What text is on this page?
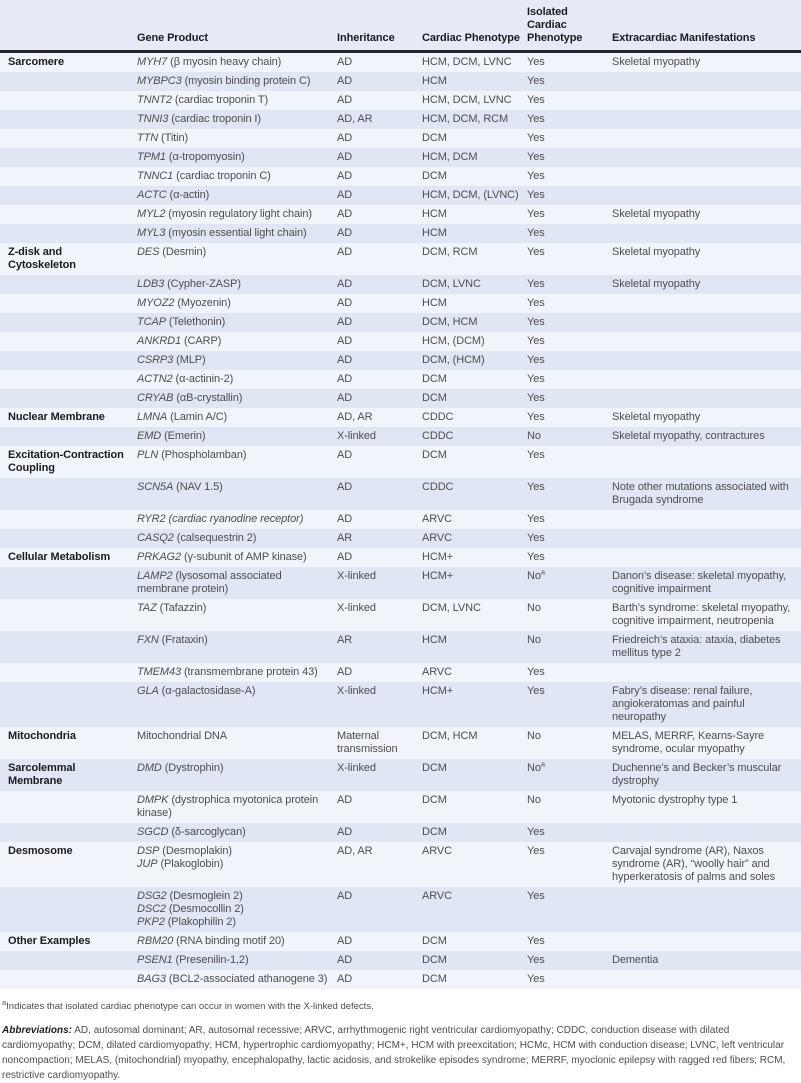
	Gene Product	Inheritance	Cardiac Phenotype	Isolated Cardiac Phenotype	Extracardiac Manifestations
Sarcomere	MYH7 (β myosin heavy chain)	AD	HCM, DCM, LVNC	Yes	Skeletal myopathy

	MYBPC3 (myosin binding protein C)	AD	HCM	Yes	

	TNNT2 (cardiac troponin T)	AD	HCM, DCM, LVNC	Yes	

	TNNI3 (cardiac troponin I)	AD, AR	HCM, DCM, RCM	Yes	

	TTN (Titin)	AD	DCM	Yes	

	TPM1 (α-tropomyosin)	AD	HCM, DCM	Yes	

	TNNC1 (cardiac troponin C)	AD	DCM	Yes	

	ACTC (α-actin)	AD	HCM, DCM, (LVNC)	Yes	

	MYL2 (myosin regulatory light chain)	AD	HCM	Yes	Skeletal myopathy

	MYL3 (myosin essential light chain)	AD	HCM	Yes	
Z-disk and Cytoskeleton	DES (Desmin)	AD	DCM, RCM	Yes	Skeletal myopathy

	LDB3 (Cypher-ZASP)	AD	DCM, LVNC	Yes	Skeletal myopathy

	MYOZ2 (Myozenin)	AD	HCM	Yes	

	TCAP (Telethonin)	AD	DCM, HCM	Yes	

	ANKRD1 (CARP)	AD	HCM, (DCM)	Yes	

	CSRP3 (MLP)	AD	DCM, (HCM)	Yes	

	ACTN2 (α-actinin-2)	AD	DCM	Yes	

	CRYAB (αB-crystallin)	AD	DCM	Yes	
Nuclear Membrane	LMNA (Lamin A/C)	AD, AR	CDDC	Yes	Skeletal myopathy

	EMD (Emerin)	X-linked	CDDC	No	Skeletal myopathy, contractures
Excitation-Contraction Coupling	PLN (Phospholamban)	AD	DCM	Yes	

	SCN5A (NAV 1.5)	AD	CDDC	Yes	Note other mutations associated with Brugada syndrome

	RYR2 (cardiac ryanodine receptor)	AD	ARVC	Yes	

	CASQ2 (calsequestrin 2)	AR	ARVC	Yes	
Cellular Metabolism	PRKAG2 (γ-subunit of AMP kinase)	AD	HCM+	Yes	

	LAMP2 (lysosomal associated membrane protein)	X-linked	HCM+	$No^a$	Danon’s disease: skeletal myopathy, cognitive impairment

	TAZ (Tafazzin)	X-linked	DCM, LVNC	No	Barth’s syndrome: skeletal myopathy, cognitive impairment, neutropenia

	FXN (Frataxin)	AR	HCM	No	Friedreich’s ataxia: ataxia, diabetes mellitus type 2

	TMEM43 (transmembrane protein 43)	AD	ARVC	Yes	

	GLA (α-galactosidase-A)	X-linked	HCM+	Yes	Fabry’s disease: renal failure, angiokeratomas and painful neuropathy
Mitochondria	Mitochondrial DNA	Maternal transmission	DCM, HCM	No	MELAS, MERRF, Kearns-Sayre syndrome, ocular myopathy
Sarcolemmal Membrane	DMD (Dystrophin)	X-linked	DCM	No$^a$	Duchenne’s and Becker’s muscular dystrophy

	DMPK (dystrophica myotonica protein kinase)	AD	DCM	No	Myotonic dystrophy type 1

	SGCD (δ-sarcoglycan)	AD	DCM	Yes	
Desmosome	DSP (Desmoplakin)
JUP (Plakoglobin)	AD, AR	ARVC	Yes	Carvajal syndrome (AR), Naxos syndrome (AR), “woolly hair” and hyperkeratosis of palms and soles

	DSG2 (Desmoglein 2)
DSC2 (Desmocollin 2)
PKP2 (Plakophilin 2)	AD	ARVC	Yes	
Other Examples	RBM20 (RNA binding motif 20)	AD	DCM	Yes	

	PSEN1 (Presenilin-1,2)	AD	DCM	Yes	Dementia

	BAG3 (BCL2-associated athanogene 3)	AD	DCM	Yes	

$^a$Indicates that isolated cardiac phenotype can occur in women with the X-linked defects.

Abbreviations: AD, autosomal dominant; AR, autosomal recessive; ARVC, arrhythmogenic right ventricular cardiomyopathy; CDDC, conduction disease with dilated cardiomyopathy; DCM, dilated cardiomyopathy; HCM, hypertrophic cardiomyopathy; HCM+, HCM with preexcitation; HCMc, HCM with conduction disease; LVNC, left ventricular noncompaction; MELAS, (mitochondrial) myopathy, encephalopathy, lactic acidosis, and strokelike episodes syndrome; MERRF, myoclonic epilepsy with ragged red fibers; RCM, restrictive cardiomyopathy.
